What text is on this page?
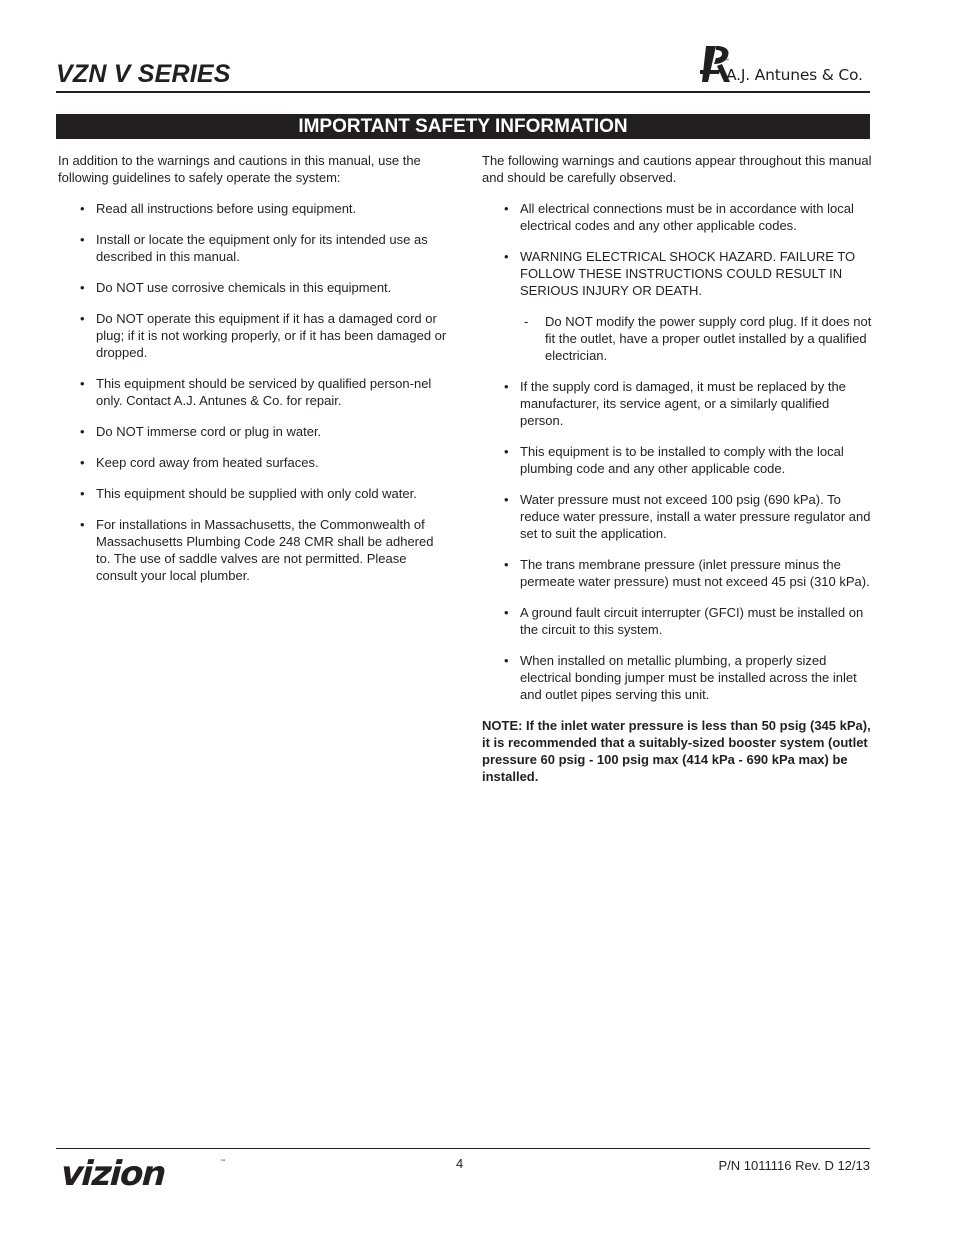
VZN V SERIES	™
A.J. Antunes & Co.
IMPORTANT SAFETY INFORMATION

In addition to the warnings and cautions in this manual, use the following guidelines to safely operate the system:

• Read all instructions before using equipment.
• Install or locate the equipment only for its intended use as described in this manual.
• Do NOT use corrosive chemicals in this equipment.
• Do NOT operate this equipment if it has a damaged cord or plug; if it is not working properly, or if it has been damaged or dropped.
• This equipment should be serviced by qualified person-nel only. Contact A.J. Antunes & Co. for repair.
• Do NOT immerse cord or plug in water.
• Keep cord away from heated surfaces.
• This equipment should be supplied with only cold water.
• For installations in Massachusetts, the Commonwealth of Massachusetts Plumbing Code 248 CMR shall be adhered to. The use of saddle valves are not permitted. Please consult your local plumber.

The following warnings and cautions appear throughout this manual and should be carefully observed.

• All electrical connections must be in accordance with local electrical codes and any other applicable codes.
• WARNING ELECTRICAL SHOCK HAZARD. FAILURE TO FOLLOW THESE INSTRUCTIONS COULD RESULT IN SERIOUS INJURY OR DEATH.
- Do NOT modify the power supply cord plug. If it does not fit the outlet, have a proper outlet installed by a qualified electrician.
• If the supply cord is damaged, it must be replaced by the manufacturer, its service agent, or a similarly qualified person.
• This equipment is to be installed to comply with the local plumbing code and any other applicable code.
• Water pressure must not exceed 100 psig (690 kPa). To reduce water pressure, install a water pressure regulator and set to suit the application.
• The trans membrane pressure (inlet pressure minus the permeate water pressure) must not exceed 45 psi (310 kPa).
• A ground fault circuit interrupter (GFCI) must be installed on the circuit to this system.
• When installed on metallic plumbing, a properly sized electrical bonding jumper must be installed across the inlet and outlet pipes serving this unit.

NOTE: If the inlet water pressure is less than 50 psig (345 kPa), it is recommended that a suitably-sized booster system (outlet pressure 60 psig - 100 psig max (414 kPa - 690 kPa max) be installed.

vizion	™	4	P/N 1011116 Rev. D 12/13
